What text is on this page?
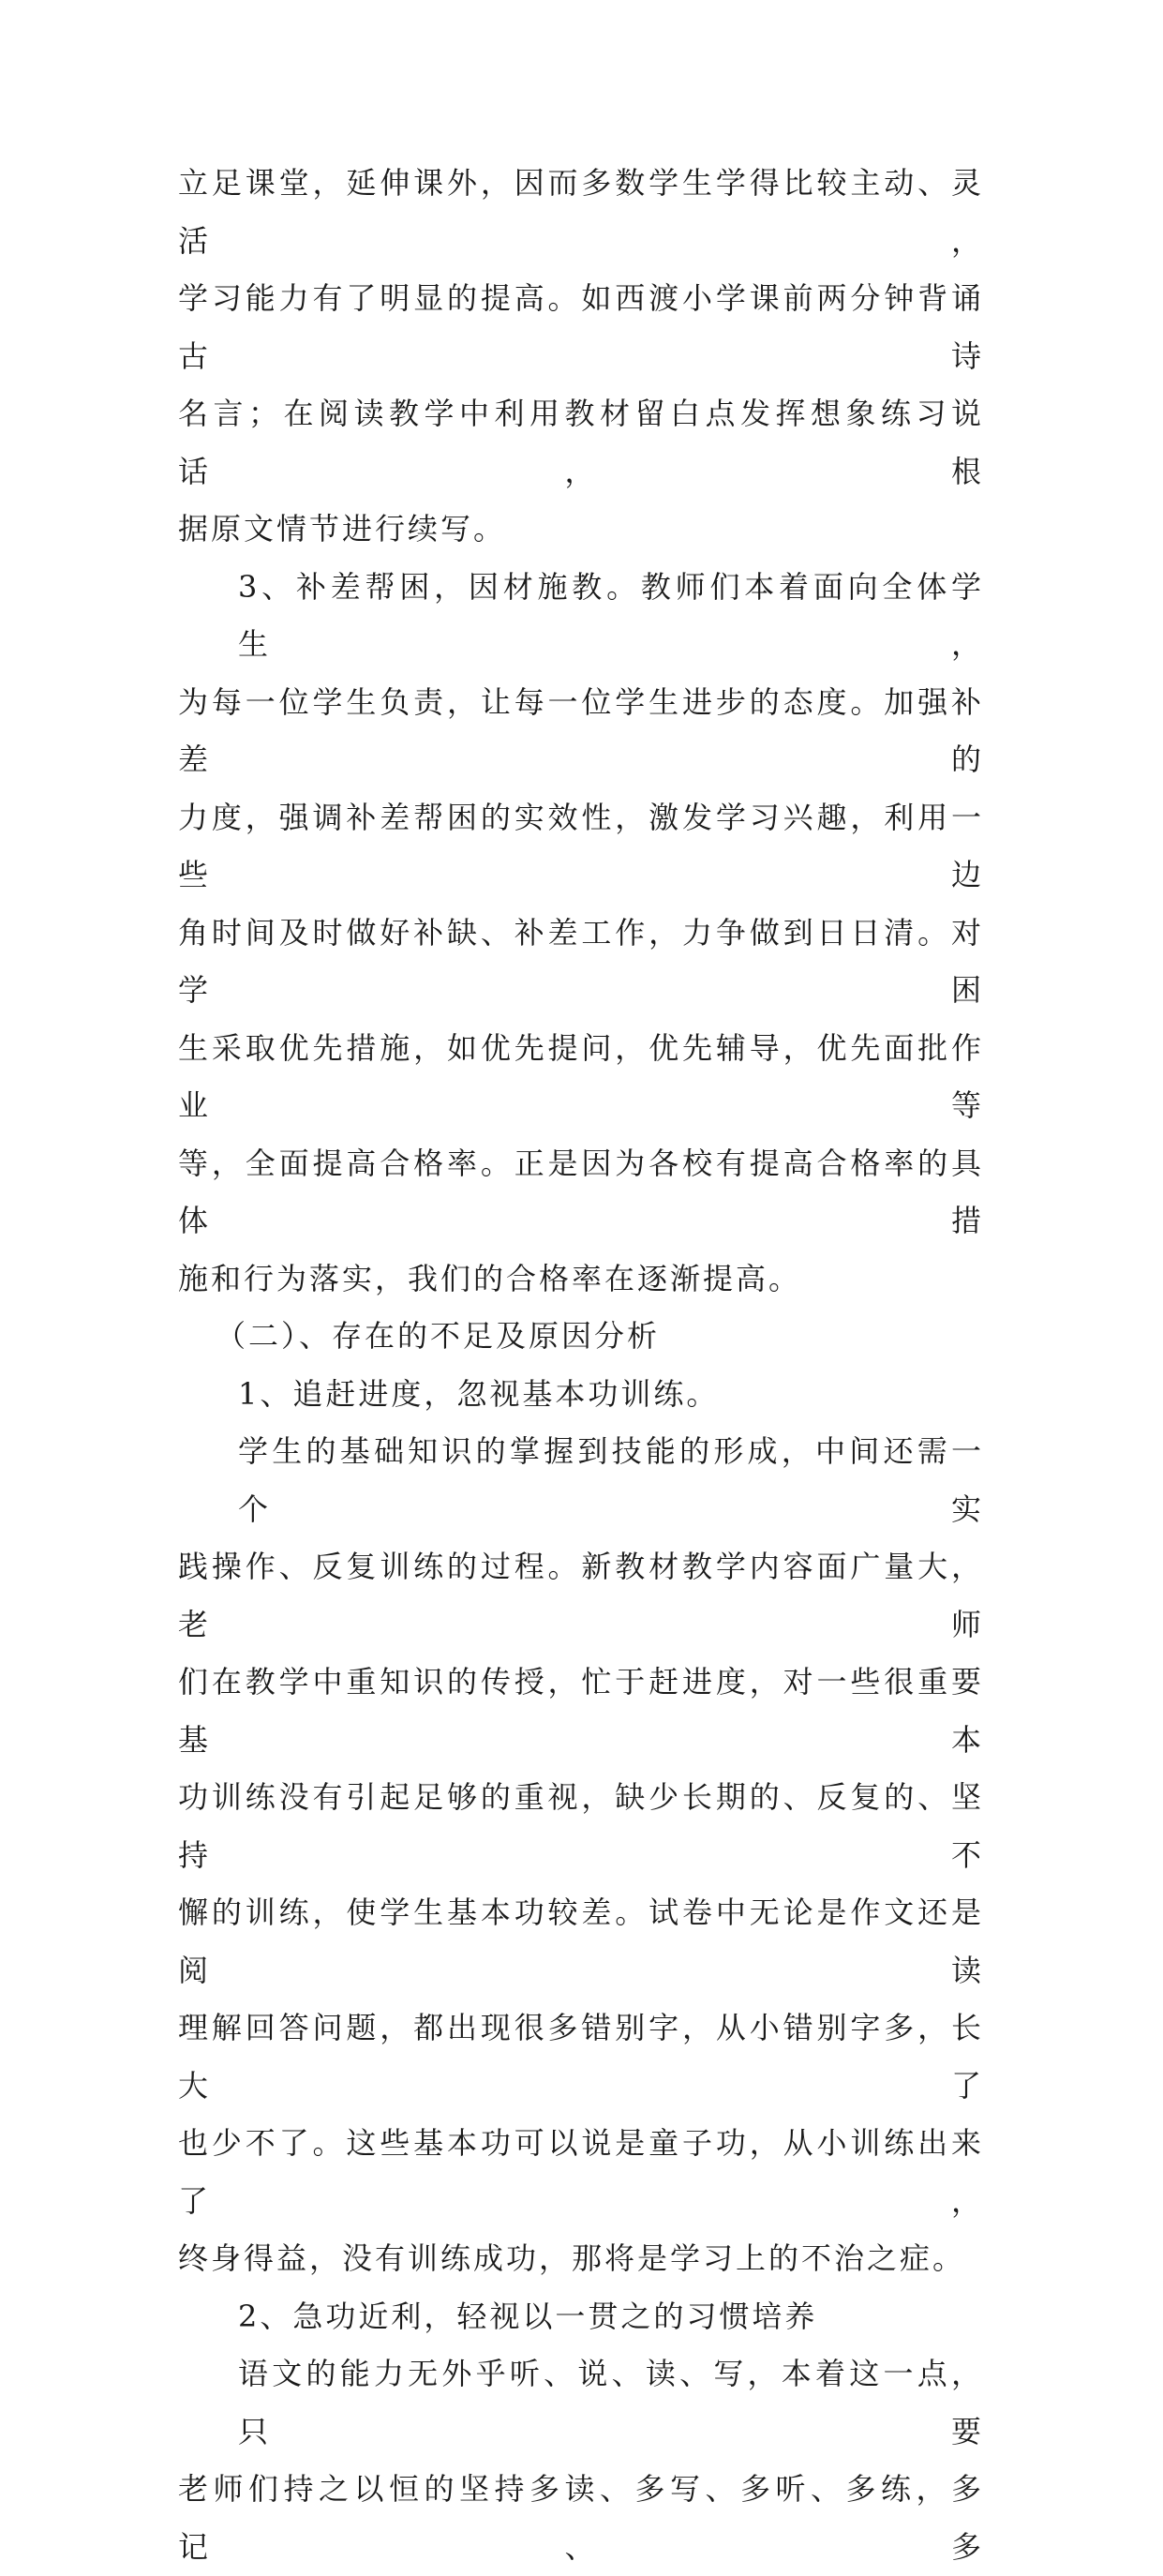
立足课堂，延伸课外，因而多数学生学得比较主动、灵活，
学习能力有了明显的提高。如西渡小学课前两分钟背诵古诗
名言；在阅读教学中利用教材留白点发挥想象练习说话，根
据原文情节进行续写。
3、补差帮困，因材施教。教师们本着面向全体学生，
为每一位学生负责，让每一位学生进步的态度。加强补差的
力度，强调补差帮困的实效性，激发学习兴趣，利用一些边
角时间及时做好补缺、补差工作，力争做到日日清。对学困
生采取优先措施，如优先提问，优先辅导，优先面批作业等
等，全面提高合格率。正是因为各校有提高合格率的具体措
施和行为落实，我们的合格率在逐渐提高。
（二）、存在的不足及原因分析
1、追赶进度，忽视基本功训练。
学生的基础知识的掌握到技能的形成，中间还需一个实
践操作、反复训练的过程。新教材教学内容面广量大，老师
们在教学中重知识的传授，忙于赶进度，对一些很重要基本
功训练没有引起足够的重视，缺少长期的、反复的、坚持不
懈的训练，使学生基本功较差。试卷中无论是作文还是阅读
理解回答问题，都出现很多错别字，从小错别字多，长大了
也少不了。这些基本功可以说是童子功，从小训练出来了，
终身得益，没有训练成功，那将是学习上的不治之症。
2、急功近利，轻视以一贯之的习惯培养
语文的能力无外乎听、说、读、写，本着这一点，只要
老师们持之以恒的坚持多读、多写、多听、多练，多记、多
